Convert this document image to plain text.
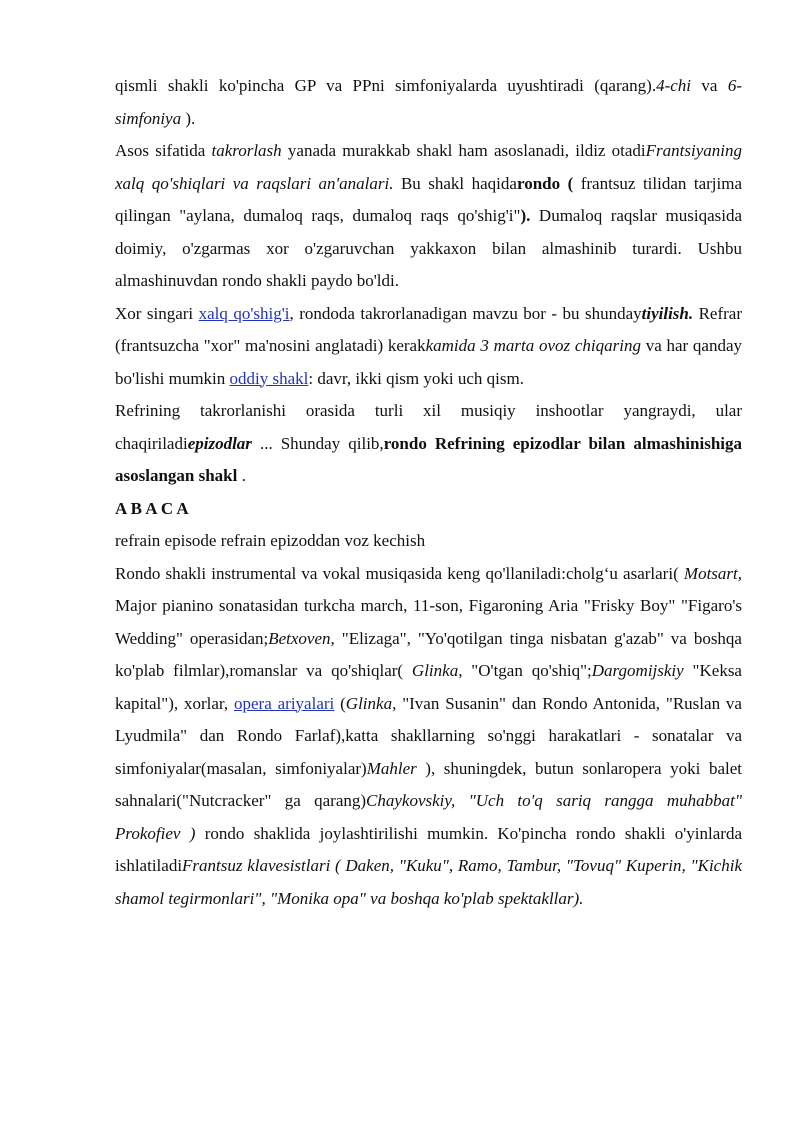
qismli shakli ko'pincha GP va PPni simfoniyalarda uyushtiradi (qarang).4-chi va 6-simfoniya ).

Asos sifatida takrorlash yanada murakkab shakl ham asoslanadi, ildiz otadiFrantsiyaning xalq qo'shiqlari va raqslari an'analari. Bu shakl haqidarondo ( frantsuz tilidan tarjima qilingan "aylana, dumaloq raqs, dumaloq raqs qo'shig'i"). Dumaloq raqslar musiqasida doimiy, o'zgarmas xor o'zgaruvchan yakkaxon bilan almashinib turardi. Ushbu almashinuvdan rondo shakli paydo bo'ldi.

Xor singari xalq qo'shig'i, rondoda takrorlanadigan mavzu bor - bu shundaytiyilish. Refrar (frantsuzcha "xor" ma'nosini anglatadi) kerakkamida 3 marta ovoz chiqaring va har qanday bo'lishi mumkin oddiy shakl: davr, ikki qism yoki uch qism.

Refrining takrorlanishi orasida turli xil musiqiy inshootlar yangraydi, ular chaqiriladiepizodlar ... Shunday qilib,rondo Refrining epizodlar bilan almashinishiga asoslangan shakl .

A B A C A

refrain episode refrain epizoddan voz kechish

Rondo shakli instrumental va vokal musiqasida keng qo'llaniladi:cholg‘u asarlari( Motsart, Major pianino sonatasidan turkcha march, 11-son, Figaroning Aria "Frisky Boy" "Figaro's Wedding" operasidan;Betxoven, "Elizaga", "Yo'qotilgan tinga nisbatan g'azab" va boshqa ko'plab filmlar),romanslar va qo'shiqlar( Glinka, "O'tgan qo'shiq";Dargomijskiy "Keksa kapital"), xorlar, opera ariyalari (Glinka, "Ivan Susanin" dan Rondo Antonida, "Ruslan va Lyudmila" dan Rondo Farlaf),katta shakllarning so'nggi harakatlari - sonatalar va simfoniyalar(masalan, simfoniyalar)Mahler ), shuningdek, butun sonlaropera yoki balet sahnalari("Nutcracker" ga qarang)Chaykovskiy, "Uch to'q sariq rangga muhabbat" Prokofiev ) rondo shaklida joylashtirilishi mumkin. Ko'pincha rondo shakli o'yinlarda ishlatiladiFrantsuz klavesistlari ( Daken, "Kuku", Ramo, Tambur, "Tovuq" Kuperin, "Kichik shamol tegirmonlari", "Monika opa" va boshqa ko'plab spektakllar).
